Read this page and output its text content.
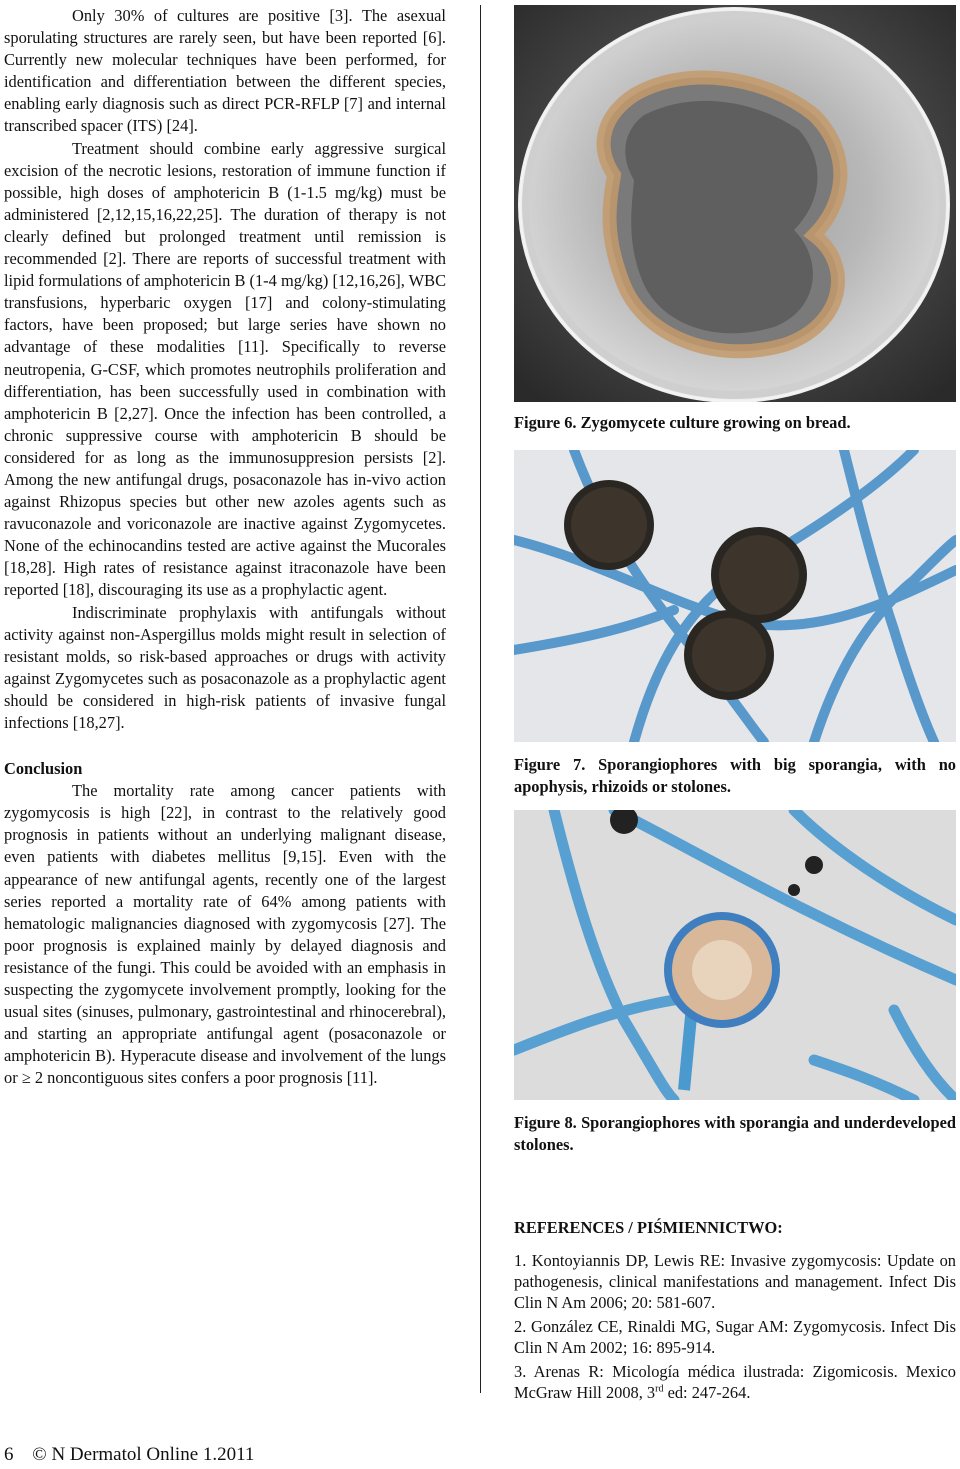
Only 30% of cultures are positive [3]. The asexual sporulating structures are rarely seen, but have been reported [6]. Currently new molecular techniques have been performed, for identification and differentiation between the different species, enabling early diagnosis such as direct PCR-RFLP [7] and internal transcribed spacer (ITS) [24].

Treatment should combine early aggressive surgical excision of the necrotic lesions, restoration of immune function if possible, high doses of amphotericin B (1-1.5 mg/kg) must be administered [2,12,15,16,22,25]. The duration of therapy is not clearly defined but prolonged treatment until remission is recommended [2]. There are reports of successful treatment with lipid formulations of amphotericin B (1-4 mg/kg) [12,16,26], WBC transfusions, hyperbaric oxygen [17] and colony-stimulating factors, have been proposed; but large series have shown no advantage of these modalities [11]. Specifically to reverse neutropenia, G-CSF, which promotes neutrophils proliferation and differentiation, has been successfully used in combination with amphotericin B [2,27]. Once the infection has been controlled, a chronic suppressive course with amphotericin B should be considered for as long as the immunosuppresion persists [2]. Among the new antifungal drugs, posaconazole has in-vivo action against Rhizopus species but other new azoles agents such as ravuconazole and voriconazole are inactive against Zygomycetes. None of the echinocandins tested are active against the Mucorales [18,28]. High rates of resistance against itraconazole have been reported [18], discouraging its use as a prophylactic agent.

Indiscriminate prophylaxis with antifungals without activity against non-Aspergillus molds might result in selection of resistant molds, so risk-based approaches or drugs with activity against Zygomycetes such as posaconazole as a prophylactic agent should be considered in high-risk patients of invasive fungal infections [18,27].

Conclusion

The mortality rate among cancer patients with zygomycosis is high [22], in contrast to the relatively good prognosis in patients without an underlying malignant disease, even patients with diabetes mellitus [9,15]. Even with the appearance of new antifungal agents, recently one of the largest series reported a mortality rate of 64% among patients with hematologic malignancies diagnosed with zygomycosis [27]. The poor prognosis is explained mainly by delayed diagnosis and resistance of the fungi. This could be avoided with an emphasis in suspecting the zygomycete involvement promptly, looking for the usual sites (sinuses, pulmonary, gastrointestinal and rhinocerebral), and starting an appropriate antifungal agent (posaconazole or amphotericin B). Hyperacute disease and involvement of the lungs or ≥ 2 noncontiguous sites confers a poor prognosis [11].

Figure 6. Zygomycete culture growing on bread.

Figure 7. Sporangiophores with big sporangia, with no apophysis, rhizoids or stolones.

Figure 8. Sporangiophores with sporangia and underdeveloped stolones.

REFERENCES / PIŚMIENNICTWO:

1. Kontoyiannis DP, Lewis RE: Invasive zygomycosis: Update on pathogenesis, clinical manifestations and management. Infect Dis Clin N Am 2006; 20: 581-607.

2. González CE, Rinaldi MG, Sugar AM: Zygomycosis. Infect Dis Clin N Am 2002; 16: 895-914.

3. Arenas R: Micología médica ilustrada: Zigomicosis. Mexico McGraw Hill 2008, 3rd ed: 247-264.

6 © N Dermatol Online 1.2011
